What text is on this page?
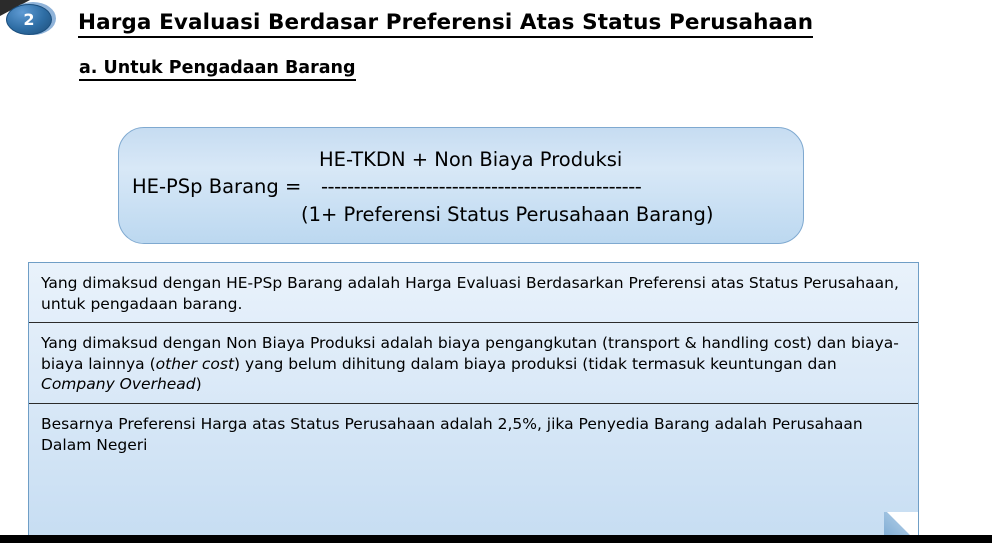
2	Harga Evaluasi Berdasar Preferensi Atas Status Perusahaan
a. Untuk Pengadaan Barang
HE-PSp Barang =
HE-TKDN + Non Biaya Produksi
-------------------------------------------------
(1+ Preferensi Status Perusahaan Barang)
Yang dimaksud dengan HE-PSp Barang adalah Harga Evaluasi Berdasarkan Preferensi atas Status Perusahaan, untuk pengadaan barang.
Yang dimaksud dengan Non Biaya Produksi adalah biaya pengangkutan (transport & handling cost) dan biaya-biaya lainnya (other cost) yang belum dihitung dalam biaya produksi (tidak termasuk keuntungan dan Company Overhead)
Besarnya Preferensi Harga atas Status Perusahaan adalah 2,5%, jika Penyedia Barang adalah Perusahaan Dalam Negeri
